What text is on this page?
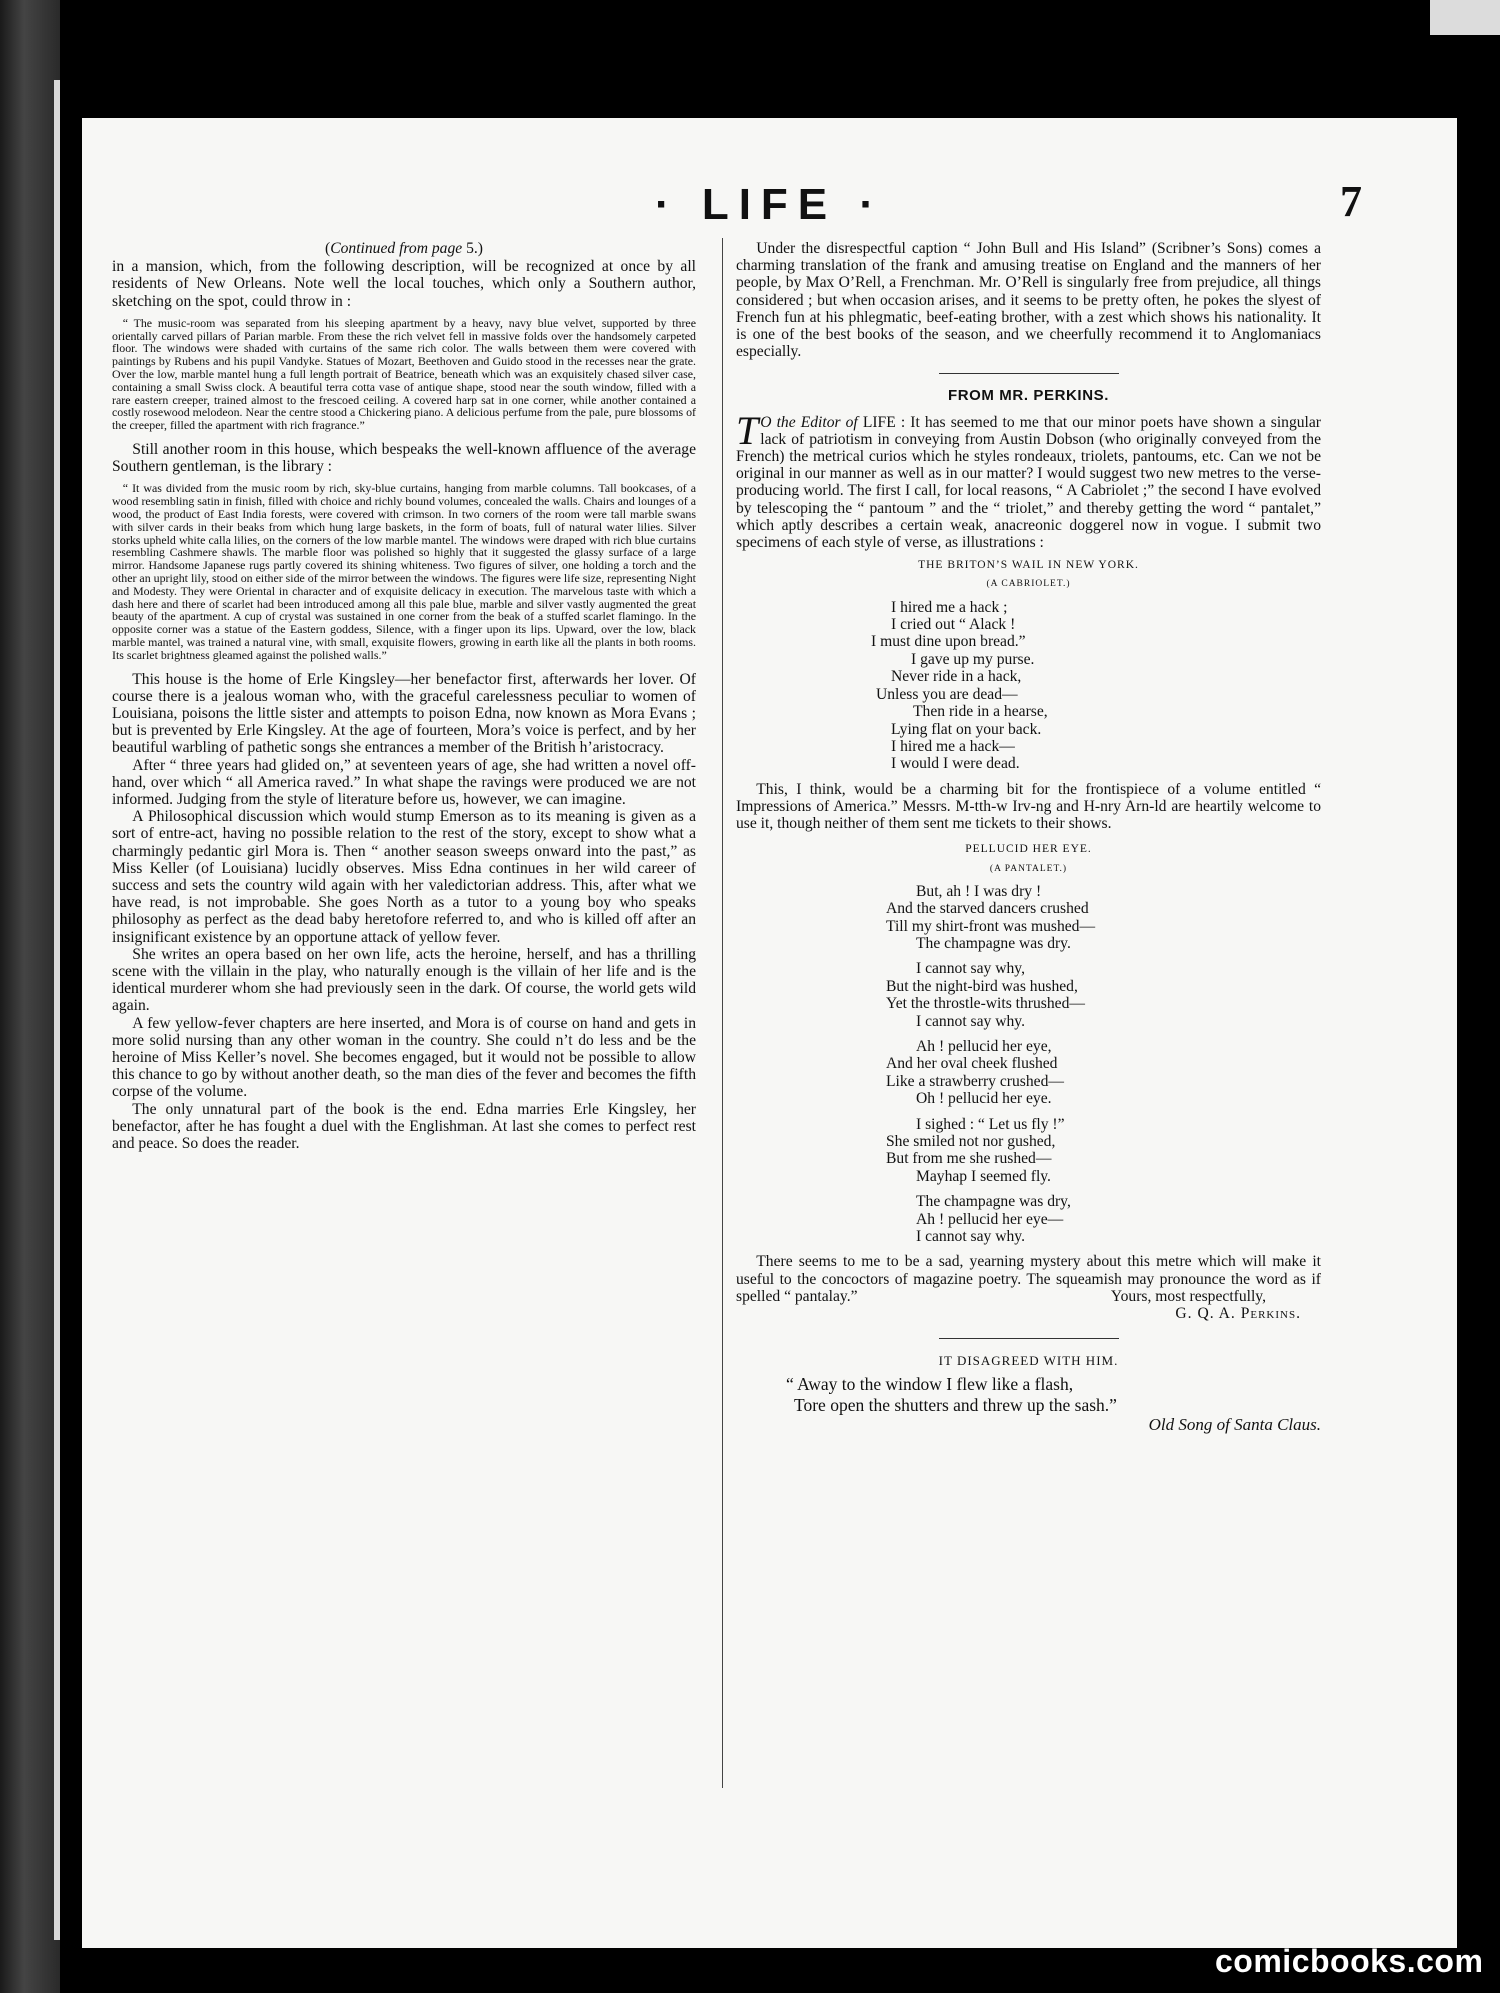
· LIFE ·	7
(Continued from page 5.)

in a mansion, which, from the following description, will be recognized at once by all residents of New Orleans. Note well the local touches, which only a Southern author, sketching on the spot, could throw in :

“ The music-room was separated from his sleeping apartment by a heavy, navy blue velvet, supported by three orientally carved pillars of Parian marble. From these the rich velvet fell in massive folds over the handsomely carpeted floor. The windows were shaded with curtains of the same rich color. The walls between them were covered with paintings by Rubens and his pupil Vandyke. Statues of Mozart, Beethoven and Guido stood in the recesses near the grate. Over the low, marble mantel hung a full length portrait of Beatrice, beneath which was an exquisitely chased silver case, containing a small Swiss clock. A beautiful terra cotta vase of antique shape, stood near the south window, filled with a rare eastern creeper, trained almost to the frescoed ceiling. A covered harp sat in one corner, while another contained a costly rosewood melodeon. Near the centre stood a Chickering piano. A delicious perfume from the pale, pure blossoms of the creeper, filled the apartment with rich fragrance.”

Still another room in this house, which bespeaks the well-known affluence of the average Southern gentleman, is the library :

“ It was divided from the music room by rich, sky-blue curtains, hanging from marble columns. Tall bookcases, of a wood resembling satin in finish, filled with choice and richly bound volumes, concealed the walls. Chairs and lounges of a wood, the product of East India forests, were covered with crimson. In two corners of the room were tall marble swans with silver cards in their beaks from which hung large baskets, in the form of boats, full of natural water lilies. Silver storks upheld white calla lilies, on the corners of the low marble mantel. The windows were draped with rich blue curtains resembling Cashmere shawls. The marble floor was polished so highly that it suggested the glassy surface of a large mirror. Handsome Japanese rugs partly covered its shining whiteness. Two figures of silver, one holding a torch and the other an upright lily, stood on either side of the mirror between the windows. The figures were life size, representing Night and Modesty. They were Oriental in character and of exquisite delicacy in execution. The marvelous taste with which a dash here and there of scarlet had been introduced among all this pale blue, marble and silver vastly augmented the great beauty of the apartment. A cup of crystal was sustained in one corner from the beak of a stuffed scarlet flamingo. In the opposite corner was a statue of the Eastern goddess, Silence, with a finger upon its lips. Upward, over the low, black marble mantel, was trained a natural vine, with small, exquisite flowers, growing in earth like all the plants in both rooms. Its scarlet brightness gleamed against the polished walls.”

This house is the home of Erle Kingsley—her benefactor first, afterwards her lover. Of course there is a jealous woman who, with the graceful carelessness peculiar to women of Louisiana, poisons the little sister and attempts to poison Edna, now known as Mora Evans ; but is prevented by Erle Kingsley. At the age of fourteen, Mora’s voice is perfect, and by her beautiful warbling of pathetic songs she entrances a member of the British h’aristocracy.

After “ three years had glided on,” at seventeen years of age, she had written a novel off-hand, over which “ all America raved.” In what shape the ravings were produced we are not informed. Judging from the style of literature before us, however, we can imagine.

A Philosophical discussion which would stump Emerson as to its meaning is given as a sort of entre-act, having no possible relation to the rest of the story, except to show what a charmingly pedantic girl Mora is. Then “ another season sweeps onward into the past,” as Miss Keller (of Louisiana) lucidly observes. Miss Edna continues in her wild career of success and sets the country wild again with her valedictorian address. This, after what we have read, is not improbable. She goes North as a tutor to a young boy who speaks philosophy as perfect as the dead baby heretofore referred to, and who is killed off after an insignificant existence by an opportune attack of yellow fever.

She writes an opera based on her own life, acts the heroine, herself, and has a thrilling scene with the villain in the play, who naturally enough is the villain of her life and is the identical murderer whom she had previously seen in the dark. Of course, the world gets wild again.

A few yellow-fever chapters are here inserted, and Mora is of course on hand and gets in more solid nursing than any other woman in the country. She could n’t do less and be the heroine of Miss Keller’s novel. She becomes engaged, but it would not be possible to allow this chance to go by without another death, so the man dies of the fever and becomes the fifth corpse of the volume.

The only unnatural part of the book is the end. Edna marries Erle Kingsley, her benefactor, after he has fought a duel with the Englishman. At last she comes to perfect rest and peace. So does the reader.

Under the disrespectful caption “ John Bull and His Island” (Scribner’s Sons) comes a charming translation of the frank and amusing treatise on England and the manners of her people, by Max O’Rell, a Frenchman. Mr. O’Rell is singularly free from prejudice, all things considered ; but when occasion arises, and it seems to be pretty often, he pokes the slyest of French fun at his phlegmatic, beef-eating brother, with a zest which shows his nationality. It is one of the best books of the season, and we cheerfully recommend it to Anglomaniacs especially.

FROM MR. PERKINS.

T O the Editor of LIFE : It has seemed to me that our minor poets have shown a singular lack of patriotism in conveying from Austin Dobson (who originally conveyed from the French) the metrical curios which he styles rondeaux, triolets, pantoums, etc. Can we not be original in our manner as well as in our matter? I would suggest two new metres to the verse-producing world. The first I call, for local reasons, “ A Cabriolet ;” the second I have evolved by telescoping the “ pantoum ” and the “ triolet,” and thereby getting the word “ pantalet,” which aptly describes a certain weak, anacreonic doggerel now in vogue. I submit two specimens of each style of verse, as illustrations :

THE BRITON’S WAIL IN NEW YORK.
(A CABRIOLET.)
I hired me a hack ;
I cried out “ Alack !
I must dine upon bread.”
I gave up my purse.
Never ride in a hack,
Unless you are dead—
Then ride in a hearse,
Lying flat on your back.
I hired me a hack—
I would I were dead.

This, I think, would be a charming bit for the frontispiece of a volume entitled “ Impressions of America.” Messrs. M-tth-w Irv-ng and H-nry Arn-ld are heartily welcome to use it, though neither of them sent me tickets to their shows.

PELLUCID HER EYE.
(A PANTALET.)
But, ah ! I was dry !
And the starved dancers crushed
Till my shirt-front was mushed—
The champagne was dry.
I cannot say why,
But the night-bird was hushed,
Yet the throstle-wits thrushed—
I cannot say why.
Ah ! pellucid her eye,
And her oval cheek flushed
Like a strawberry crushed—
Oh ! pellucid her eye.
I sighed : “ Let us fly !”
She smiled not nor gushed,
But from me she rushed—
Mayhap I seemed fly.
The champagne was dry,
Ah ! pellucid her eye—
I cannot say why.

There seems to me to be a sad, yearning mystery about this metre which will make it useful to the concoctors of magazine poetry. The squeamish may pronounce the word as if spelled “ pantalay.”	Yours, most respectfully,
G. Q. A. Perkins.
IT DISAGREED WITH HIM.
“ Away to the window I flew like a flash,
Tore open the shutters and threw up the sash.”
Old Song of Santa Claus.
comicbooks.com
